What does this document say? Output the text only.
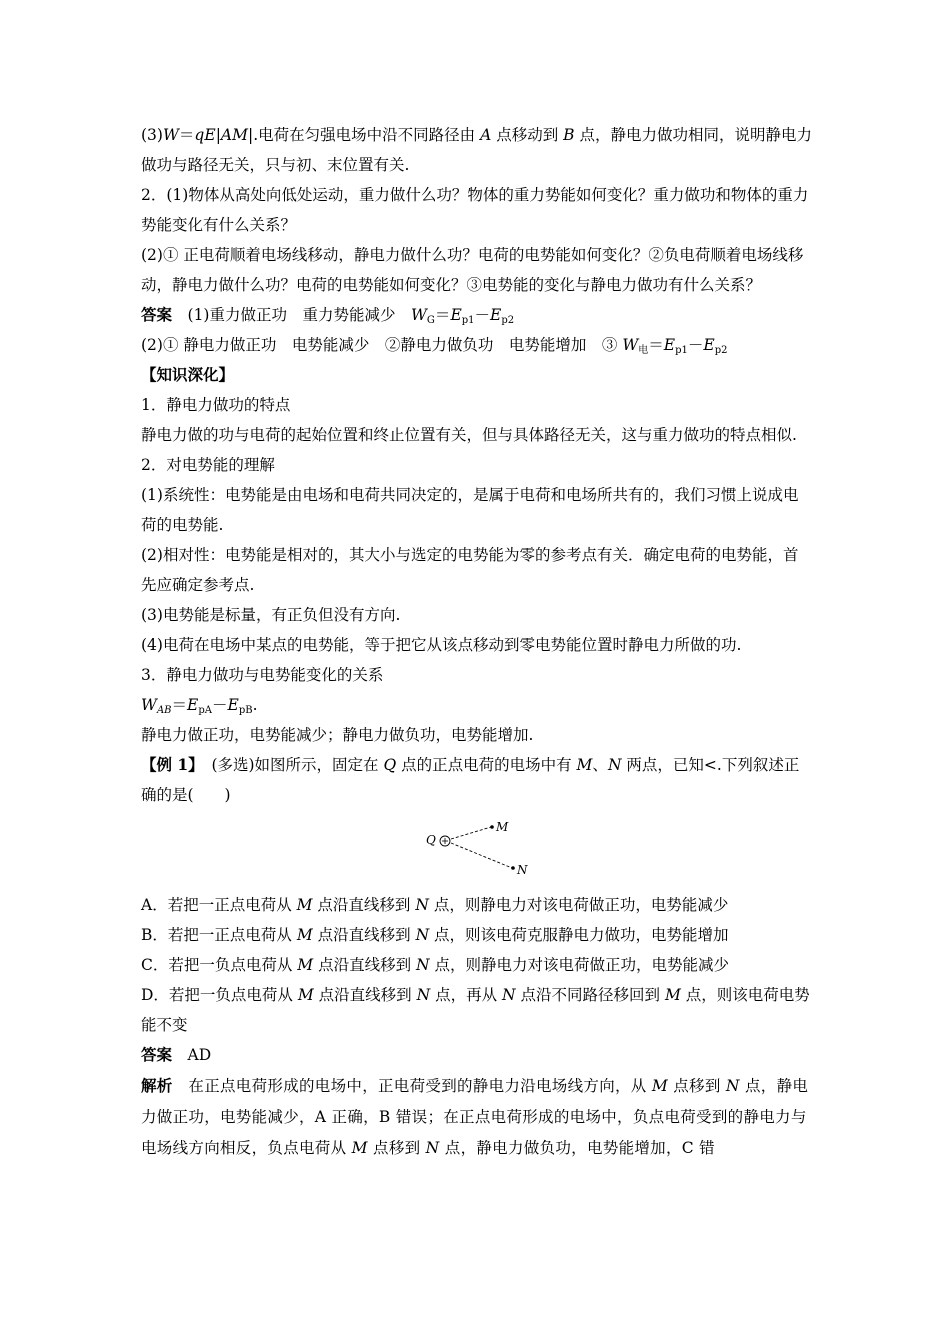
(3)W＝qE|AM|.电荷在匀强电场中沿不同路径由 A 点移动到 B 点，静电力做功相同，说明静电力做功与路径无关，只与初、末位置有关.

2．(1)物体从高处向低处运动，重力做什么功？物体的重力势能如何变化？重力做功和物体的重力势能变化有什么关系？

(2)① 正电荷顺着电场线移动，静电力做什么功？电荷的电势能如何变化？②负电荷顺着电场线移动，静电力做什么功？电荷的电势能如何变化？③电势能的变化与静电力做功有什么关系？

答案　(1)重力做正功　重力势能减少　$W_G=E_{p1}-E_{p2}$

(2)① 静电力做正功　电势能减少　②静电力做负功　电势能增加　③ $W_电=E_{p1}-E_{p2}$

【知识深化】

1．静电力做功的特点

静电力做的功与电荷的起始位置和终止位置有关，但与具体路径无关，这与重力做功的特点相似.

2．对电势能的理解

(1)系统性：电势能是由电场和电荷共同决定的，是属于电荷和电场所共有的，我们习惯上说成电荷的电势能.

(2)相对性：电势能是相对的，其大小与选定的电势能为零的参考点有关．确定电荷的电势能，首先应确定参考点.

(3)电势能是标量，有正负但没有方向.

(4)电荷在电场中某点的电势能，等于把它从该点移动到零电势能位置时静电力所做的功.

3．静电力做功与电势能变化的关系

$W_{AB}=E_{pA}-E_{pB}$.

静电力做正功，电势能减少；静电力做负功，电势能增加.

【例 1】　(多选)如图所示，固定在 Q 点的正点电荷的电场中有 M、N 两点，已知<.下列叙述正确的是(　　)

Q
M
N

A．若把一正点电荷从 M 点沿直线移到 N 点，则静电力对该电荷做正功，电势能减少

B．若把一正点电荷从 M 点沿直线移到 N 点，则该电荷克服静电力做功，电势能增加

C．若把一负点电荷从 M 点沿直线移到 N 点，则静电力对该电荷做正功，电势能减少

D．若把一负点电荷从 M 点沿直线移到 N 点，再从 N 点沿不同路径移回到 M 点，则该电荷电势能不变

答案　AD

解析　在正点电荷形成的电场中，正电荷受到的静电力沿电场线方向，从 M 点移到 N 点，静电力做正功，电势能减少，A 正确，B 错误；在正点电荷形成的电场中，负点电荷受到的静电力与电场线方向相反，负点电荷从 M 点移到 N 点，静电力做负功，电势能增加，C 错
